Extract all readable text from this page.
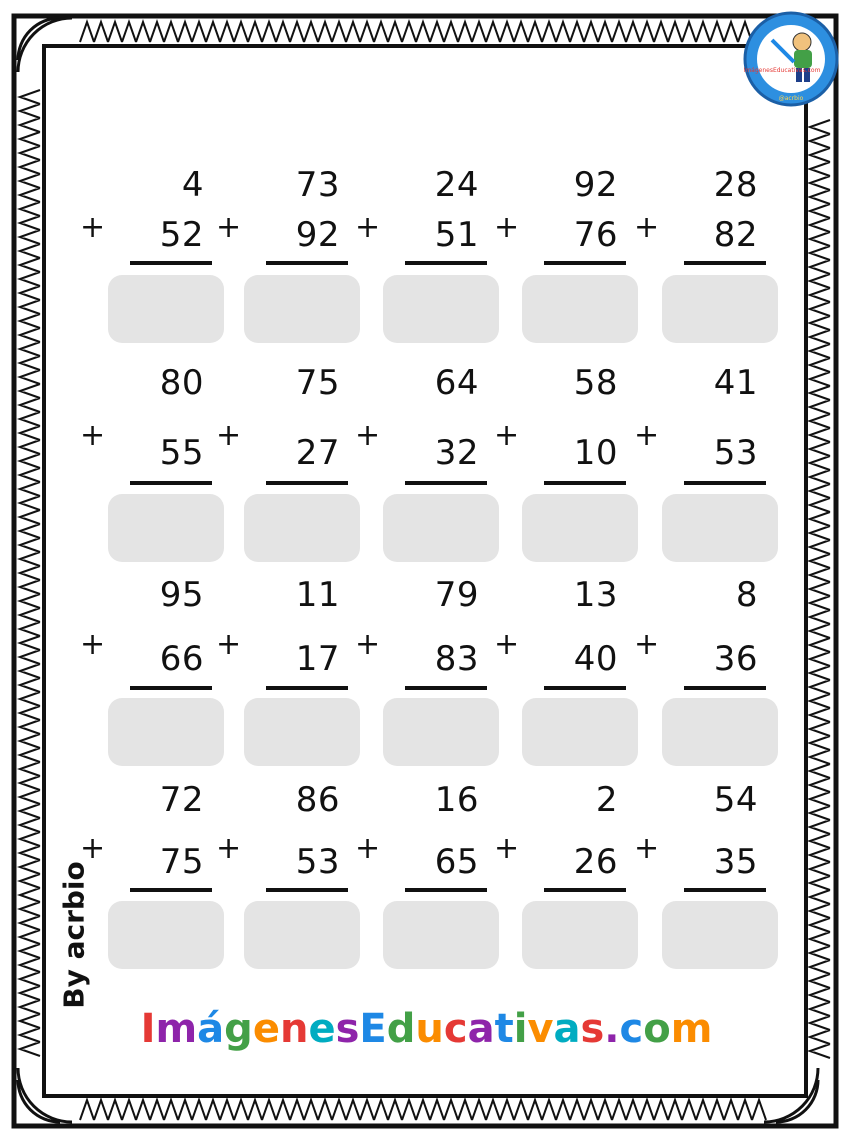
ImágenesEducativas.com
@acrbio
+
4
52 +
73
92 +
24
51 +
92
76 +
28
82
+
80
55 +
75
27 +
64
32 +
58
10 +
41
53
+
95
66 +
11
17 +
79
83 +
13
40 +
8
36
+
72
75 +
86
53 +
16
65 +
2
26 +
54
35
By acrbio
ImágenesEducativas.com
